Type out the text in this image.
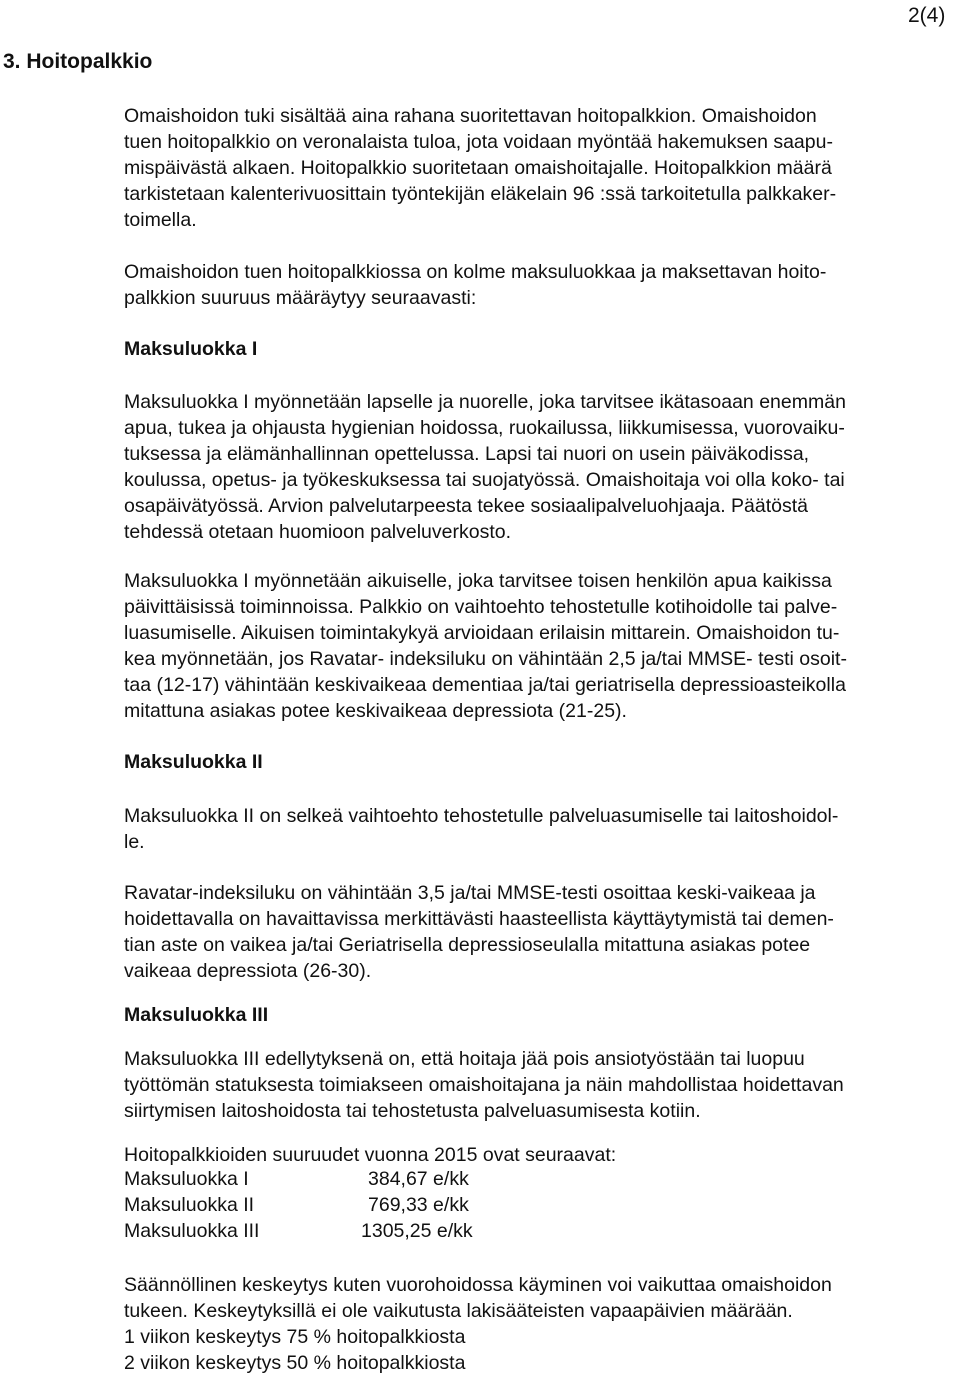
2(4)
3. Hoitopalkkio
Omaishoidon tuki sisältää aina rahana suoritettavan hoitopalkkion. Omaishoidon
tuen hoitopalkkio on veronalaista tuloa, jota voidaan myöntää hakemuksen saapu-
mispäivästä alkaen. Hoitopalkkio suoritetaan omaishoitajalle. Hoitopalkkion määrä
tarkistetaan kalenterivuosittain työntekijän eläkelain 96 :ssä tarkoitetulla palkkaker-
toimella.
Omaishoidon tuen hoitopalkkiossa on kolme maksuluokkaa ja maksettavan hoito-
palkkion suuruus määräytyy seuraavasti:
Maksuluokka I
Maksuluokka I myönnetään lapselle ja nuorelle, joka tarvitsee ikätasoaan enemmän
apua, tukea ja ohjausta hygienian hoidossa, ruokailussa, liikkumisessa, vuorovaiku-
tuksessa ja elämänhallinnan opettelussa. Lapsi tai nuori on usein päiväkodissa,
koulussa, opetus- ja työkeskuksessa tai suojatyössä. Omaishoitaja voi olla koko- tai
osapäivätyössä. Arvion palvelutarpeesta tekee sosiaalipalveluohjaaja. Päätöstä
tehdessä otetaan huomioon palveluverkosto.
Maksuluokka I myönnetään aikuiselle, joka tarvitsee toisen henkilön apua kaikissa
päivittäisissä toiminnoissa. Palkkio on vaihtoehto tehostetulle kotihoidolle tai palve-
luasumiselle. Aikuisen toimintakykyä arvioidaan erilaisin mittarein. Omaishoidon tu-
kea myönnetään, jos Ravatar- indeksiluku on vähintään 2,5 ja/tai MMSE- testi osoit-
taa (12-17) vähintään keskivaikeaa dementiaa ja/tai geriatrisella depressioasteikolla
mitattuna asiakas potee keskivaikeaa depressiota (21-25).
Maksuluokka II
Maksuluokka II on selkeä vaihtoehto tehostetulle palveluasumiselle tai laitoshoidol-
le.
Ravatar-indeksiluku on vähintään 3,5 ja/tai MMSE-testi osoittaa keski-vaikeaa ja
hoidettavalla on havaittavissa merkittävästi haasteellista käyttäytymistä tai demen-
tian aste on vaikea ja/tai Geriatrisella depressioseulalla mitattuna asiakas potee
vaikeaa depressiota (26-30).
Maksuluokka III
Maksuluokka III edellytyksenä on, että hoitaja jää pois ansiotyöstään tai luopuu
työttömän statuksesta toimiakseen omaishoitajana ja näin mahdollistaa hoidettavan
siirtymisen laitoshoidosta tai tehostetusta palveluasumisesta kotiin.
Hoitopalkkioiden suuruudet vuonna 2015 ovat seuraavat:
Maksuluokka I	384,67 e/kk
Maksuluokka II	769,33 e/kk
Maksuluokka III	1305,25 e/kk
Säännöllinen keskeytys kuten vuorohoidossa käyminen voi vaikuttaa omaishoidon
tukeen. Keskeytyksillä ei ole vaikutusta lakisääteisten vapaapäivien määrään.
1 viikon keskeytys 75 % hoitopalkkiosta
2 viikon keskeytys 50 % hoitopalkkiosta
